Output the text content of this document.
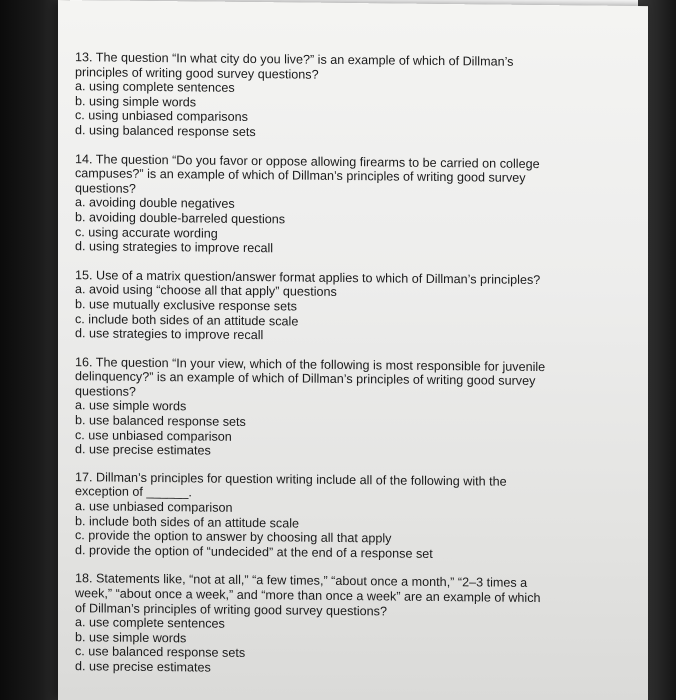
13. The question “In what city do you live?” is an example of which of Dillman’s principles of writing good survey questions?
a. using complete sentences
b. using simple words
c. using unbiased comparisons
d. using balanced response sets
14. The question “Do you favor or oppose allowing firearms to be carried on college campuses?” is an example of which of Dillman’s principles of writing good survey questions?
a. avoiding double negatives
b. avoiding double-barreled questions
c. using accurate wording
d. using strategies to improve recall
15. Use of a matrix question/answer format applies to which of Dillman’s principles?
a. avoid using “choose all that apply” questions
b. use mutually exclusive response sets
c. include both sides of an attitude scale
d. use strategies to improve recall
16. The question “In your view, which of the following is most responsible for juvenile delinquency?” is an example of which of Dillman’s principles of writing good survey questions?
a. use simple words
b. use balanced response sets
c. use unbiased comparison
d. use precise estimates
17. Dillman’s principles for question writing include all of the following with the exception of ______.
a. use unbiased comparison
b. include both sides of an attitude scale
c. provide the option to answer by choosing all that apply
d. provide the option of “undecided” at the end of a response set
18. Statements like, “not at all,” “a few times,” “about once a month,” “2–3 times a week,” “about once a week,” and “more than once a week” are an example of which of Dillman’s principles of writing good survey questions?
a. use complete sentences
b. use simple words
c. use balanced response sets
d. use precise estimates
